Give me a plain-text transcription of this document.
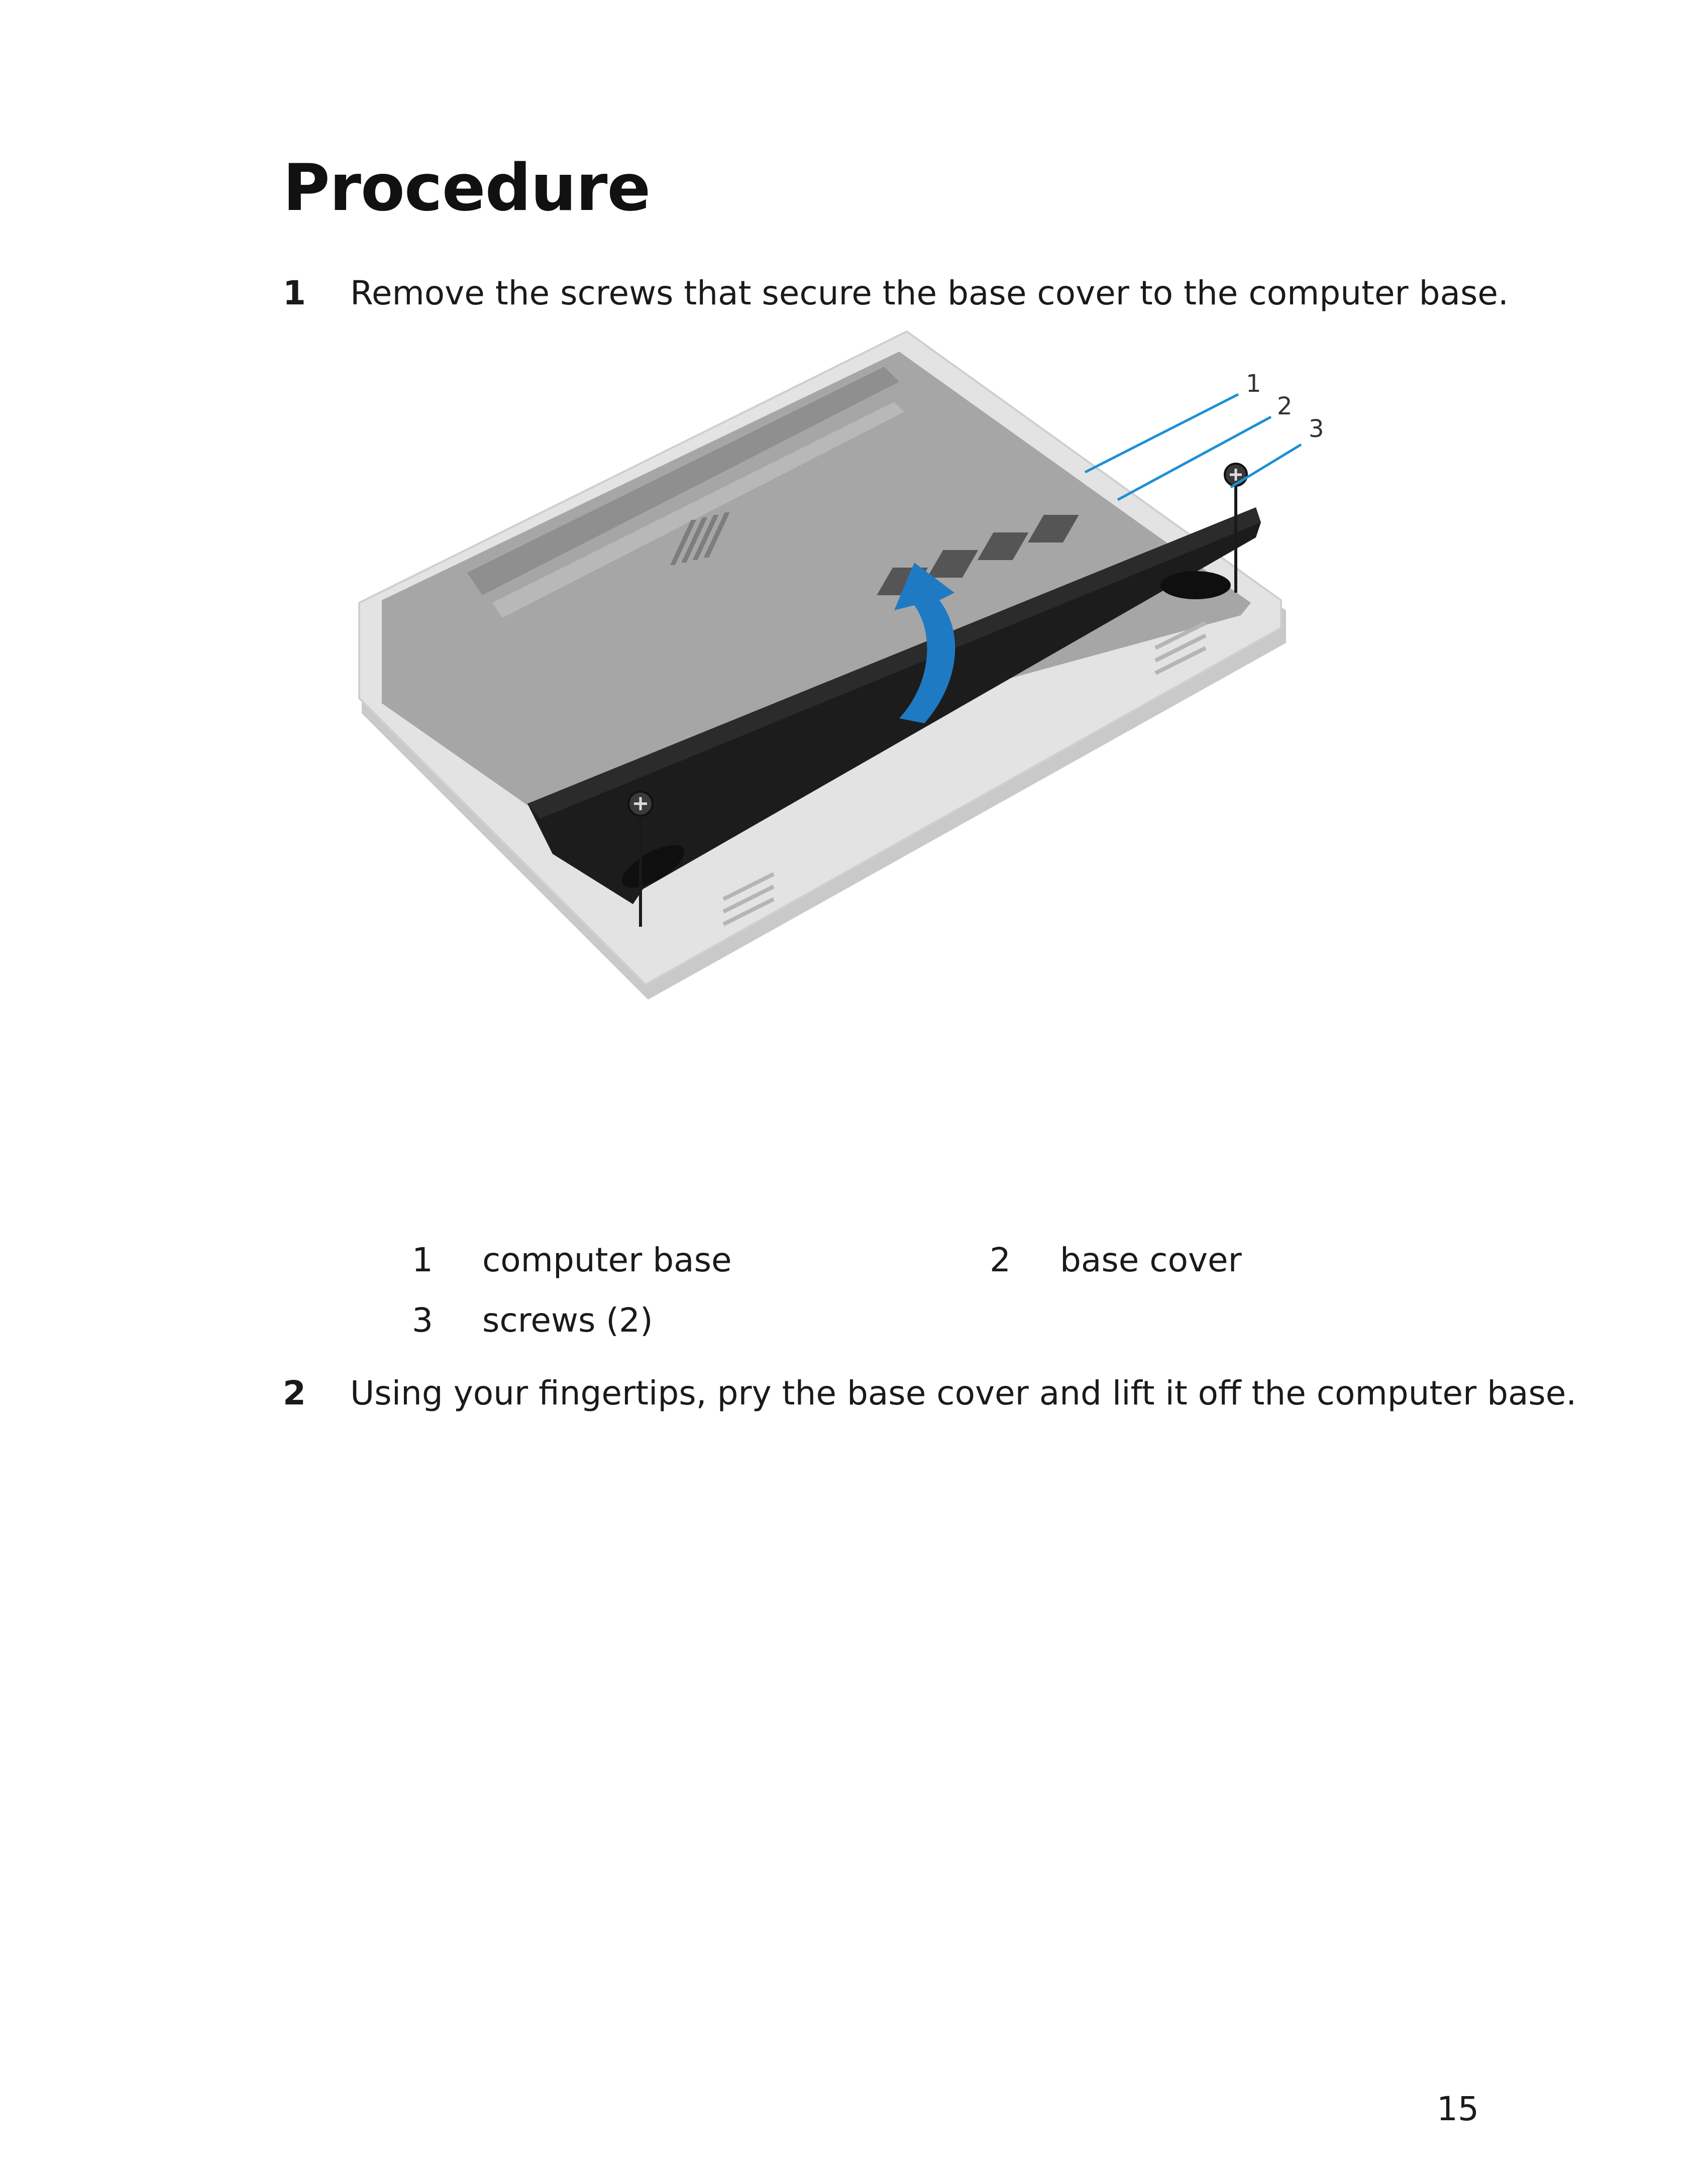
Procedure
1	Remove the screws that secure the base cover to the computer base.
1
2
3
1 computer base	2 base cover
3 screws (2)
2	Using your fingertips, pry the base cover and lift it off the computer base.
15
